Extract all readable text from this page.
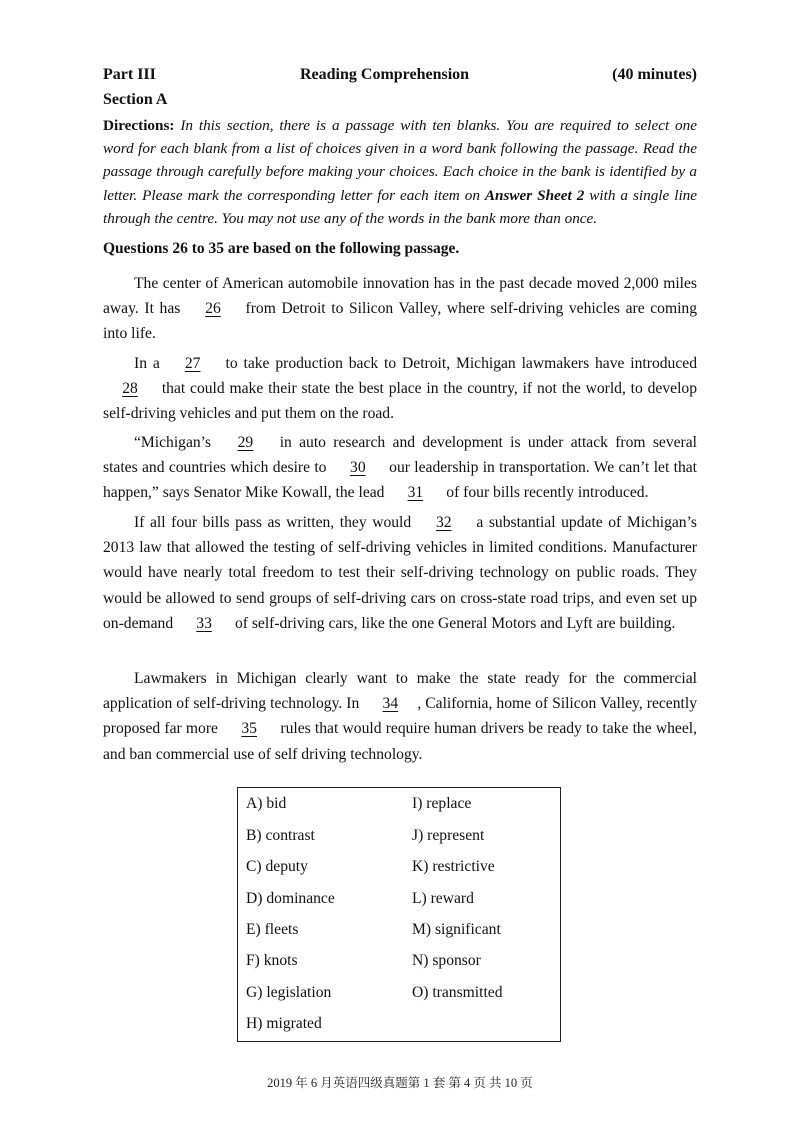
Part III	Reading Comprehension	(40 minutes)
Section A
Directions: In this section, there is a passage with ten blanks. You are required to select one word for each blank from a list of choices given in a word bank following the passage. Read the passage through carefully before making your choices. Each choice in the bank is identified by a letter. Please mark the corresponding letter for each item on Answer Sheet 2 with a single line through the centre. You may not use any of the words in the bank more than once.
Questions 26 to 35 are based on the following passage.

The center of American automobile innovation has in the past decade moved 2,000 miles away. It has 26 from Detroit to Silicon Valley, where self-driving vehicles are coming into life.

In a 27 to take production back to Detroit, Michigan lawmakers have introduced 28 that could make their state the best place in the country, if not the world, to develop self-driving vehicles and put them on the road.

“Michigan’s 29 in auto research and development is under attack from several states and countries which desire to 30 our leadership in transportation. We can’t let that happen,” says Senator Mike Kowall, the lead 31 of four bills recently introduced.

If all four bills pass as written, they would 32 a substantial update of Michigan’s 2013 law that allowed the testing of self-driving vehicles in limited conditions. Manufacturer would have nearly total freedom to test their self-driving technology on public roads. They would be allowed to send groups of self-driving cars on cross-state road trips, and even set up on-demand 33 of self-driving cars, like the one General Motors and Lyft are building.

Lawmakers in Michigan clearly want to make the state ready for the commercial application of self-driving technology. In 34 , California, home of Silicon Valley, recently proposed far more 35 rules that would require human drivers be ready to take the wheel, and ban commercial use of self driving technology.

A) bid
B) contrast
C) deputy
D) dominance
E) fleets
F) knots
G) legislation
H) migrated
I) replace
J) represent
K) restrictive
L) reward
M) significant
N) sponsor
O) transmitted
2019 年 6 月英语四级真题第 1 套 第 4 页 共 10 页
